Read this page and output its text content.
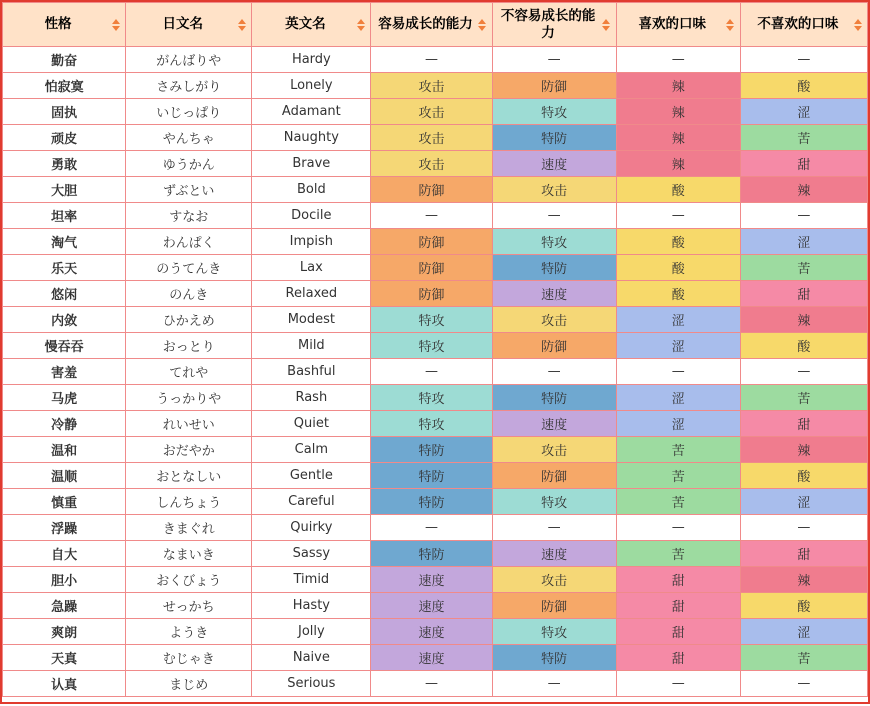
性格	日文名	英文名	容易成长的能力	不容易成长的能力	喜欢的口味	不喜欢的口味

勤奋	がんばりや	Hardy	—	—	—	—
怕寂寞	さみしがり	Lonely	攻击	防御	辣	酸
固执	いじっぱり	Adamant	攻击	特攻	辣	涩
顽皮	やんちゃ	Naughty	攻击	特防	辣	苦
勇敢	ゆうかん	Brave	攻击	速度	辣	甜
大胆	ずぶとい	Bold	防御	攻击	酸	辣
坦率	すなお	Docile	—	—	—	—
淘气	わんぱく	Impish	防御	特攻	酸	涩
乐天	のうてんき	Lax	防御	特防	酸	苦
悠闲	のんき	Relaxed	防御	速度	酸	甜
内敛	ひかえめ	Modest	特攻	攻击	涩	辣
慢吞吞	おっとり	Mild	特攻	防御	涩	酸
害羞	てれや	Bashful	—	—	—	—
马虎	うっかりや	Rash	特攻	特防	涩	苦
冷静	れいせい	Quiet	特攻	速度	涩	甜
温和	おだやか	Calm	特防	攻击	苦	辣
温顺	おとなしい	Gentle	特防	防御	苦	酸
慎重	しんちょう	Careful	特防	特攻	苦	涩
浮躁	きまぐれ	Quirky	—	—	—	—
自大	なまいき	Sassy	特防	速度	苦	甜
胆小	おくびょう	Timid	速度	攻击	甜	辣
急躁	せっかち	Hasty	速度	防御	甜	酸
爽朗	ようき	Jolly	速度	特攻	甜	涩
天真	むじゃき	Naive	速度	特防	甜	苦
认真	まじめ	Serious	—	—	—	—
